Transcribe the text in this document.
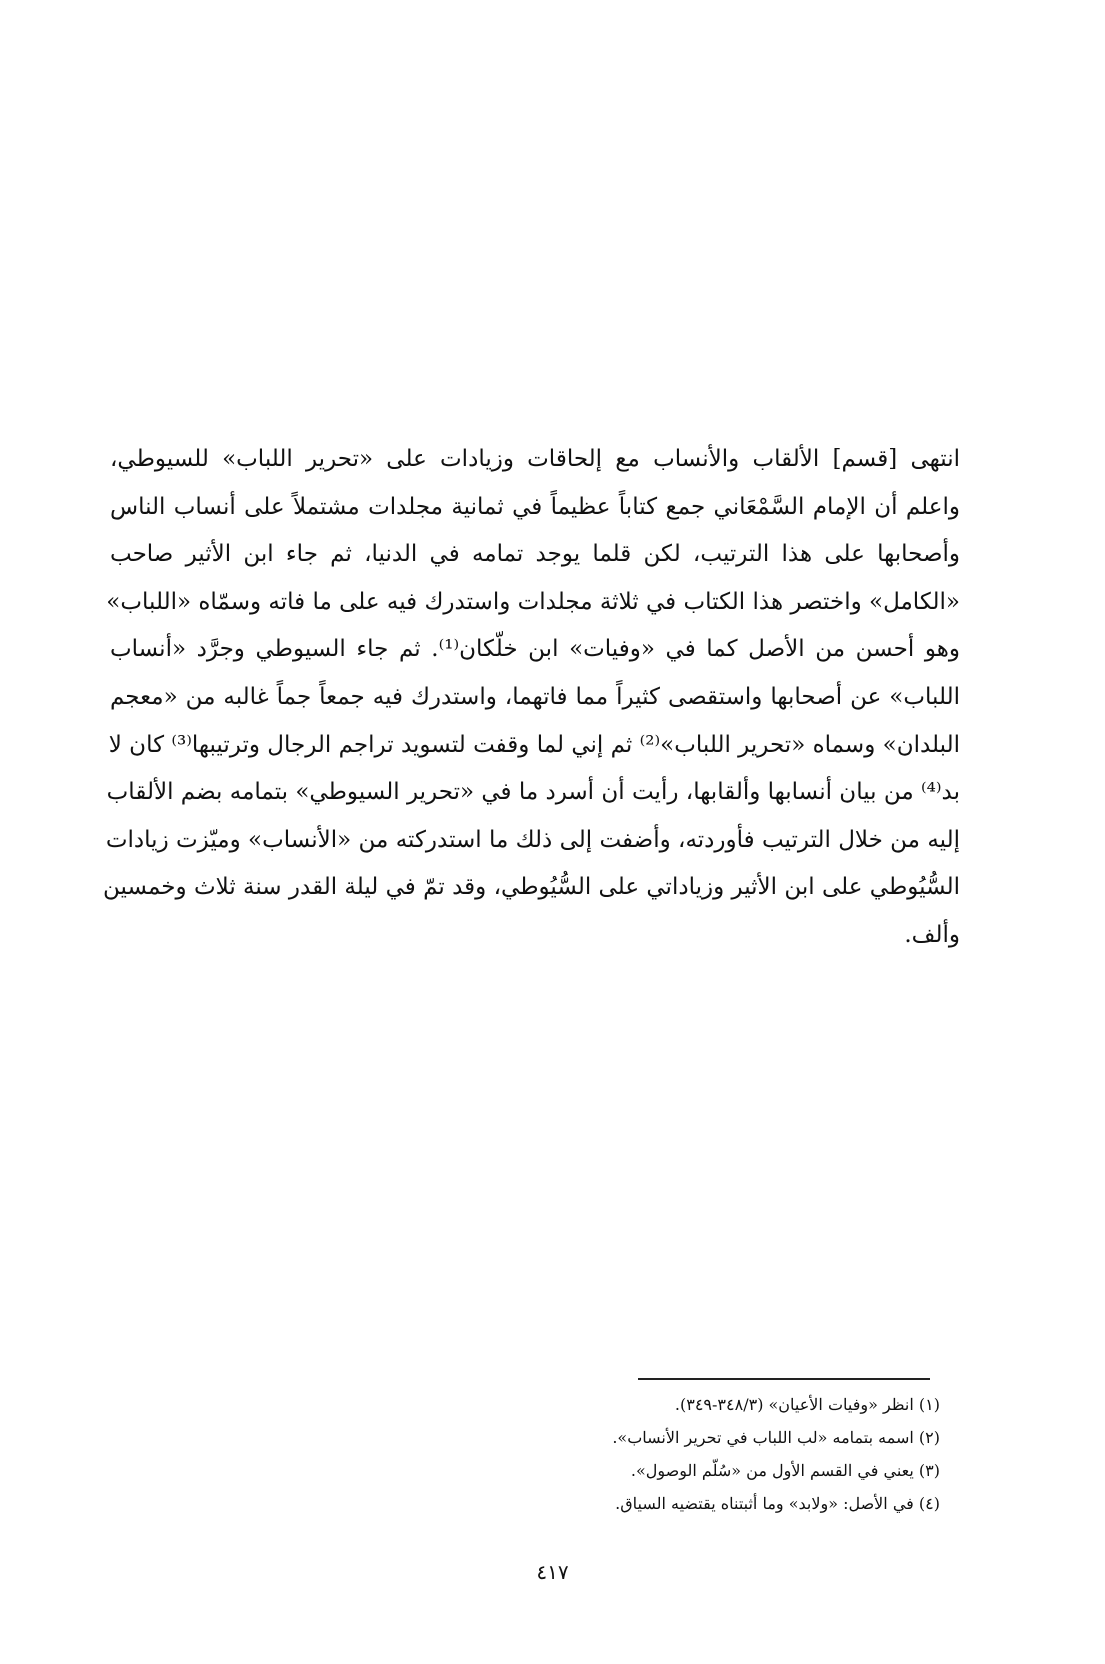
انتهى [قسم] الألقاب والأنساب مع إلحاقات وزيادات على «تحرير اللباب» للسيوطي،
واعلم أن الإمام السَّمْعَاني جمع كتاباً عظيماً في ثمانية مجلدات مشتملاً على أنساب الناس
وأصحابها على هذا الترتيب، لكن قلما يوجد تمامه في الدنيا، ثم جاء ابن الأثير صاحب
«الكامل» واختصر هذا الكتاب في ثلاثة مجلدات واستدرك فيه على ما فاته وسمّاه «اللباب»
وهو أحسن من الأصل كما في «وفيات» ابن خلّكان⁽¹⁾. ثم جاء السيوطي وجرَّد «أنساب
اللباب» عن أصحابها واستقصى كثيراً مما فاتهما، واستدرك فيه جمعاً جماً غالبه من «معجم
البلدان» وسماه «تحرير اللباب»⁽²⁾ ثم إني لما وقفت لتسويد تراجم الرجال وترتيبها⁽³⁾ كان لا
بد⁽⁴⁾ من بيان أنسابها وألقابها، رأيت أن أسرد ما في «تحرير السيوطي» بتمامه بضم الألقاب
إليه من خلال الترتيب فأوردته، وأضفت إلى ذلك ما استدركته من «الأنساب» وميّزت زيادات
السُّيُوطي على ابن الأثير وزياداتي على السُّيُوطي، وقد تمّ في ليلة القدر سنة ثلاث وخمسين
وألف.
(١) انظر «وفيات الأعيان» (٣٤٨/٣-٣٤٩).
(٢) اسمه بتمامه «لب اللباب في تحرير الأنساب».
(٣) يعني في القسم الأول من «سُلّم الوصول».
(٤) في الأصل: «ولابد» وما أثبتناه يقتضيه السياق.
٤١٧
